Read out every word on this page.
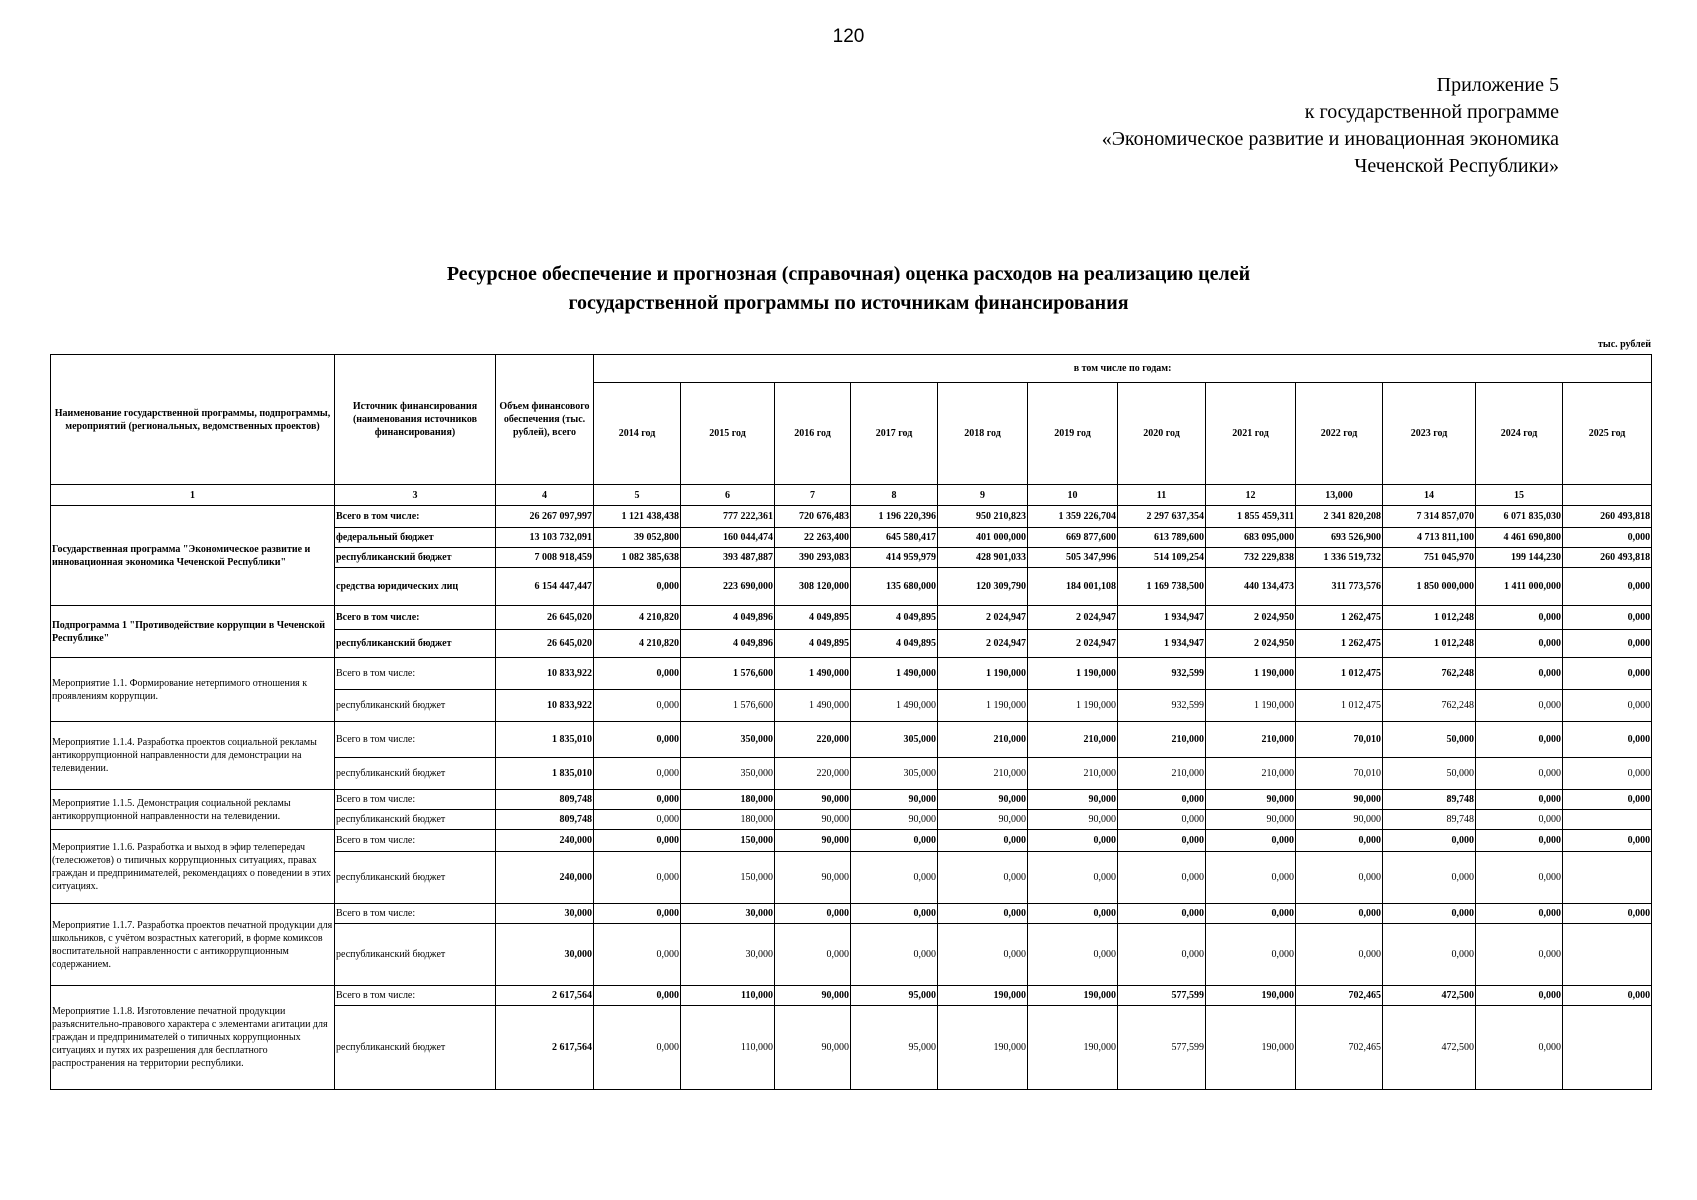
120
Приложение 5
к государственной программе
«Экономическое развитие и иновационная экономика
Чеченской Республики»
Ресурсное обеспечение и прогнозная (справочная) оценка расходов на реализацию целей
государственной программы по источникам финансирования
тыс. рублей
Наименование государственной программы, подпрограммы, мероприятий (региональных, ведомственных проектов)	Источник финансирования (наименования источников финансирования)	Объем финансового обеспечения (тыс. рублей), всего	в том числе по годам:											
			2014 год	2015 год	2016 год	2017 год	2018 год	2019 год	2020 год	2021 год	2022 год	2023 год	2024 год	2025 год
1	3	4	5	6	7	8	9	10	11	12	13,000	14	15	
Государственная программа "Экономическое развитие и инновационная экономика Чеченской Республики"	Всего в том числе:	26 267 097,997	1 121 438,438	777 222,361	720 676,483	1 196 220,396	950 210,823	1 359 226,704	2 297 637,354	1 855 459,311	2 341 820,208	7 314 857,070	6 071 835,030	260 493,818
	федеральный бюджет	13 103 732,091	39 052,800	160 044,474	22 263,400	645 580,417	401 000,000	669 877,600	613 789,600	683 095,000	693 526,900	4 713 811,100	4 461 690,800	0,000
	республиканский бюджет	7 008 918,459	1 082 385,638	393 487,887	390 293,083	414 959,979	428 901,033	505 347,996	514 109,254	732 229,838	1 336 519,732	751 045,970	199 144,230	260 493,818
	средства юридических лиц	6 154 447,447	0,000	223 690,000	308 120,000	135 680,000	120 309,790	184 001,108	1 169 738,500	440 134,473	311 773,576	1 850 000,000	1 411 000,000	0,000
Подпрограмма 1 "Противодействие коррупции в Чеченской Республике"	Всего в том числе:	26 645,020	4 210,820	4 049,896	4 049,895	4 049,895	2 024,947	2 024,947	1 934,947	2 024,950	1 262,475	1 012,248	0,000	0,000
	республиканский бюджет	26 645,020	4 210,820	4 049,896	4 049,895	4 049,895	2 024,947	2 024,947	1 934,947	2 024,950	1 262,475	1 012,248	0,000	0,000
Мероприятие 1.1. Формирование нетерпимого отношения к проявлениям коррупции.	Всего в том числе:	10 833,922	0,000	1 576,600	1 490,000	1 490,000	1 190,000	1 190,000	932,599	1 190,000	1 012,475	762,248	0,000	0,000
	республиканский бюджет	10 833,922	0,000	1 576,600	1 490,000	1 490,000	1 190,000	1 190,000	932,599	1 190,000	1 012,475	762,248	0,000	0,000
Мероприятие 1.1.4. Разработка проектов социальной рекламы антикоррупционной направленности для демонстрации на телевидении.	Всего в том числе:	1 835,010	0,000	350,000	220,000	305,000	210,000	210,000	210,000	210,000	70,010	50,000	0,000	0,000
	республиканский бюджет	1 835,010	0,000	350,000	220,000	305,000	210,000	210,000	210,000	210,000	70,010	50,000	0,000	0,000
Мероприятие 1.1.5. Демонстрация социальной рекламы антикоррупционной направленности на телевидении.	Всего в том числе:	809,748	0,000	180,000	90,000	90,000	90,000	90,000	0,000	90,000	90,000	89,748	0,000	0,000
	республиканский бюджет	809,748	0,000	180,000	90,000	90,000	90,000	90,000	0,000	90,000	90,000	89,748	0,000	
Мероприятие 1.1.6. Разработка и выход в эфир телепередач (телесюжетов) о типичных коррупционных ситуациях, правах граждан и предпринимателей, рекомендациях о поведении в этих ситуациях.	Всего в том числе:	240,000	0,000	150,000	90,000	0,000	0,000	0,000	0,000	0,000	0,000	0,000	0,000	0,000
	республиканский бюджет	240,000	0,000	150,000	90,000	0,000	0,000	0,000	0,000	0,000	0,000	0,000	0,000	
Мероприятие 1.1.7. Разработка проектов печатной продукции для школьников, с учётом возрастных категорий, в форме комиксов воспитательной направленности с антикоррупционным содержанием.	Всего в том числе:	30,000	0,000	30,000	0,000	0,000	0,000	0,000	0,000	0,000	0,000	0,000	0,000	0,000
	республиканский бюджет	30,000	0,000	30,000	0,000	0,000	0,000	0,000	0,000	0,000	0,000	0,000	0,000	
Мероприятие 1.1.8. Изготовление печатной продукции разъяснительно-правового характера с элементами агитации для граждан и предпринимателей о типичных коррупционных ситуациях и путях их разрешения для бесплатного распространения на территории республики.	Всего в том числе:	2 617,564	0,000	110,000	90,000	95,000	190,000	190,000	577,599	190,000	702,465	472,500	0,000	0,000
	республиканский бюджет	2 617,564	0,000	110,000	90,000	95,000	190,000	190,000	577,599	190,000	702,465	472,500	0,000	
